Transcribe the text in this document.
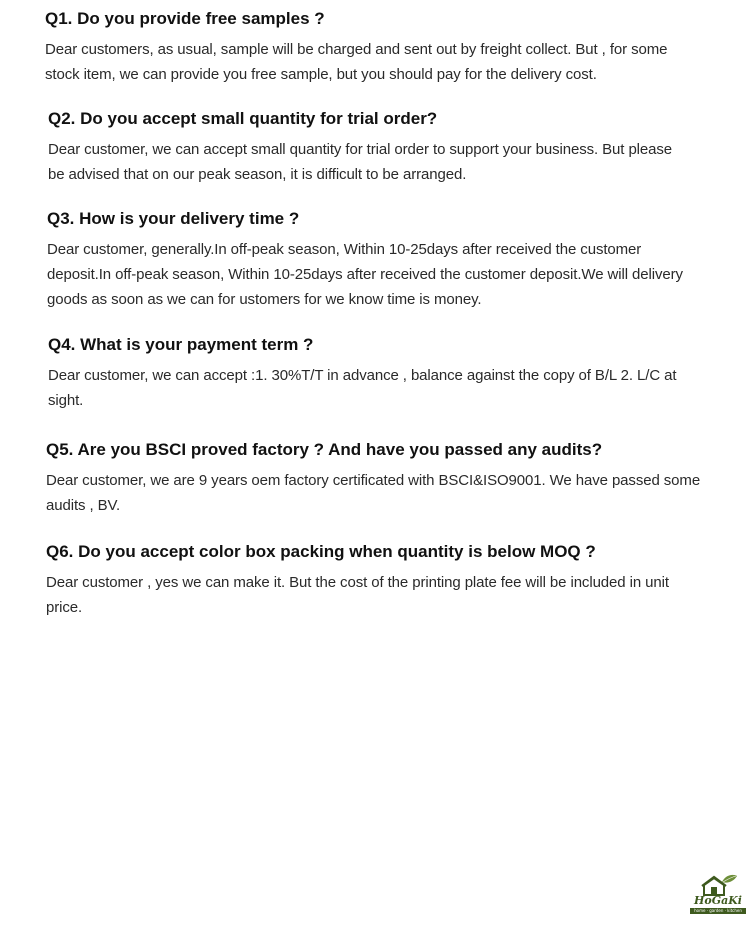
Q1. Do you provide free samples ?

Dear customers, as usual, sample will be charged and sent out by freight collect. But , for some stock item, we can provide you free sample, but you should pay for the delivery cost.

Q2. Do you accept small quantity for trial order?

Dear customer, we can accept small quantity for trial order to support your business. But please be advised that on our peak season, it is difficult to be arranged.

Q3. How is your delivery time ?

Dear customer, generally.In off-peak season, Within 10-25days after received the customer deposit.In off-peak season, Within 10-25days after received the customer deposit.We will delivery goods as soon as we can for ustomers for we know time is money.

Q4. What is your payment term ?

Dear customer, we can accept :1. 30%T/T in advance , balance against the copy of B/L 2. L/C at sight.

Q5. Are you BSCI proved factory ? And have you passed any audits?

Dear customer, we are 9 years oem factory certificated with BSCI&ISO9001. We have passed some audits , BV.

Q6. Do you accept color box packing when quantity is below MOQ ?

Dear customer , yes we can make it. But the cost of the printing plate fee will be included in unit price.

HoGaKi
home · garden · kitchen
